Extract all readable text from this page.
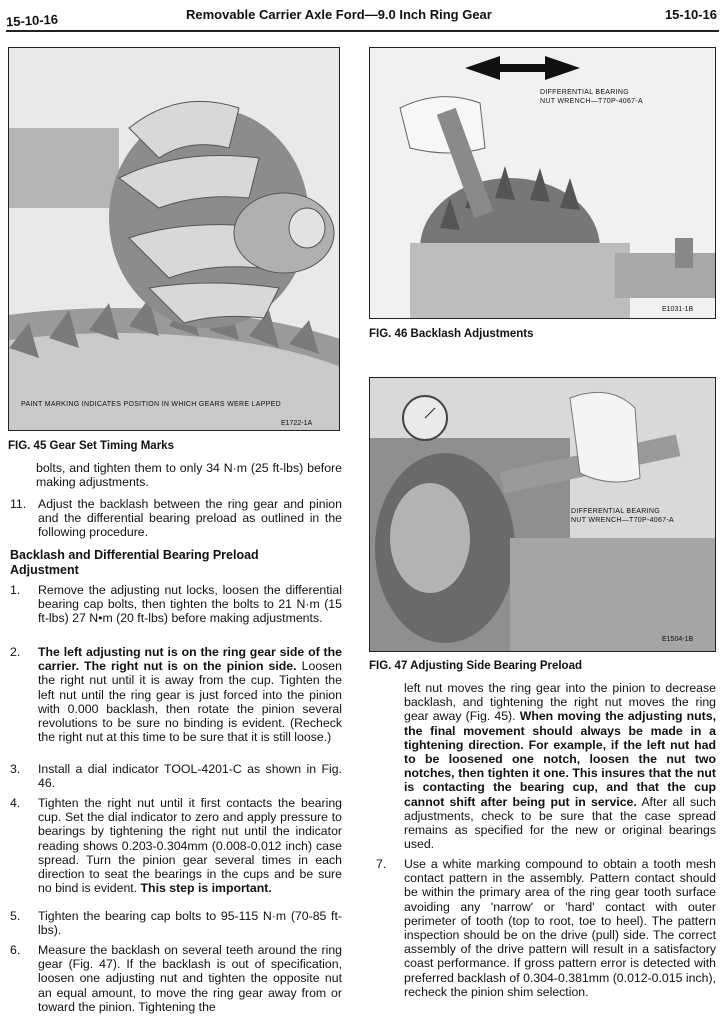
15-10-16	Removable Carrier Axle Ford—9.0 Inch Ring Gear	15-10-16
PAINT MARKING INDICATES POSITION IN WHICH GEARS WERE LAPPED
E1722-1A
FIG. 45 Gear Set Timing Marks
DIFFERENTIAL BEARING
NUT WRENCH—T70P-4067-A
E1031-1B
FIG. 46 Backlash Adjustments
DIFFERENTIAL BEARING
NUT WRENCH—T70P-4067-A
E1504-1B
FIG. 47 Adjusting Side Bearing Preload
bolts, and tighten them to only 34 N·m (25 ft-lbs) before making adjustments.
11. Adjust the backlash between the ring gear and pinion and the differential bearing preload as outlined in the following procedure.
Backlash and Differential Bearing Preload Adjustment
1. Remove the adjusting nut locks, loosen the differential bearing cap bolts, then tighten the bolts to 21 N·m (15 ft-lbs) 27 N•m (20 ft-lbs) before making adjustments.
2. The left adjusting nut is on the ring gear side of the carrier. The right nut is on the pinion side. Loosen the right nut until it is away from the cup. Tighten the left nut until the ring gear is just forced into the pinion with 0.000 backlash, then rotate the pinion several revolutions to be sure no binding is evident. (Recheck the right nut at this time to be sure that it is still loose.)
3. Install a dial indicator TOOL-4201-C as shown in Fig. 46.
4. Tighten the right nut until it first contacts the bearing cup. Set the dial indicator to zero and apply pressure to bearings by tightening the right nut until the indicator reading shows 0.203-0.304mm (0.008-0.012 inch) case spread. Turn the pinion gear several times in each direction to seat the bearings in the cups and be sure no bind is evident. This step is important.
5. Tighten the bearing cap bolts to 95-115 N·m (70-85 ft-lbs).
6. Measure the backlash on several teeth around the ring gear (Fig. 47). If the backlash is out of specification, loosen one adjusting nut and tighten the opposite nut an equal amount, to move the ring gear away from or toward the pinion. Tightening the
left nut moves the ring gear into the pinion to decrease backlash, and tightening the right nut moves the ring gear away (Fig. 45). When moving the adjusting nuts, the final movement should always be made in a tightening direction. For example, if the left nut had to be loosened one notch, loosen the nut two notches, then tighten it one. This insures that the nut is contacting the bearing cup, and that the cup cannot shift after being put in service. After all such adjustments, check to be sure that the case spread remains as specified for the new or original bearings used.
7. Use a white marking compound to obtain a tooth mesh contact pattern in the assembly. Pattern contact should be within the primary area of the ring gear tooth surface avoiding any 'narrow' or 'hard' contact with outer perimeter of tooth (top to root, toe to heel). The pattern inspection should be on the drive (pull) side. The correct assembly of the drive pattern will result in a satisfactory coast performance. If gross pattern error is detected with preferred backlash of 0.304-0.381mm (0.012-0.015 inch), recheck the pinion shim selection.
